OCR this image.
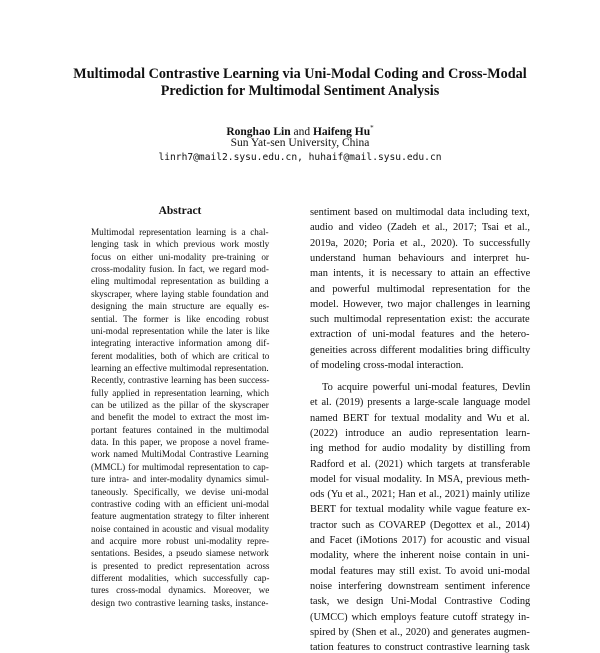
Multimodal Contrastive Learning via Uni-Modal Coding and Cross-Modal
Prediction for Multimodal Sentiment Analysis
Ronghao Lin and Haifeng Hu*
Sun Yat-sen University, China
linrh7@mail2.sysu.edu.cn, huhaif@mail.sysu.edu.cn
Abstract
Multimodal representation learning is a chal-
lenging task in which previous work mostly
focus on either uni-modality pre-training or
cross-modality fusion. In fact, we regard mod-
eling multimodal representation as building a
skyscraper, where laying stable foundation and
designing the main structure are equally es-
sential. The former is like encoding robust
uni-modal representation while the later is like
integrating interactive information among dif-
ferent modalities, both of which are critical to
learning an effective multimodal representation.
Recently, contrastive learning has been success-
fully applied in representation learning, which
can be utilized as the pillar of the skyscraper
and benefit the model to extract the most im-
portant features contained in the multimodal
data. In this paper, we propose a novel frame-
work named MultiModal Contrastive Learning
(MMCL) for multimodal representation to cap-
ture intra- and inter-modality dynamics simul-
taneously. Specifically, we devise uni-modal
contrastive coding with an efficient uni-modal
feature augmentation strategy to filter inherent
noise contained in acoustic and visual modality
and acquire more robust uni-modality repre-
sentations. Besides, a pseudo siamese network
is presented to predict representation across
different modalities, which successfully cap-
tures cross-modal dynamics. Moreover, we
design two contrastive learning tasks, instance-
sentiment based on multimodal data including text,
audio and video (Zadeh et al., 2017; Tsai et al.,
2019a, 2020; Poria et al., 2020). To successfully
understand human behaviours and interpret hu-
man intents, it is necessary to attain an effective
and powerful multimodal representation for the
model. However, two major challenges in learning
such multimodal representation exist: the accurate
extraction of uni-modal features and the hetero-
geneities across different modalities bring difficulty
of modeling cross-modal interaction.
To acquire powerful uni-modal features, Devlin
et al. (2019) presents a large-scale language model
named BERT for textual modality and Wu et al.
(2022) introduce an audio representation learn-
ing method for audio modality by distilling from
Radford et al. (2021) which targets at transferable
model for visual modality. In MSA, previous meth-
ods (Yu et al., 2021; Han et al., 2021) mainly utilize
BERT for textual modality while vague feature ex-
tractor such as COVAREP (Degottex et al., 2014)
and Facet (iMotions 2017) for acoustic and visual
modality, where the inherent noise contain in uni-
modal features may still exist. To avoid uni-modal
noise interfering downstream sentiment inference
task, we design Uni-Modal Contrastive Coding
(UMCC) which employs feature cutoff strategy in-
spired by (Shen et al., 2020) and generates augmen-
tation features to construct contrastive learning task
